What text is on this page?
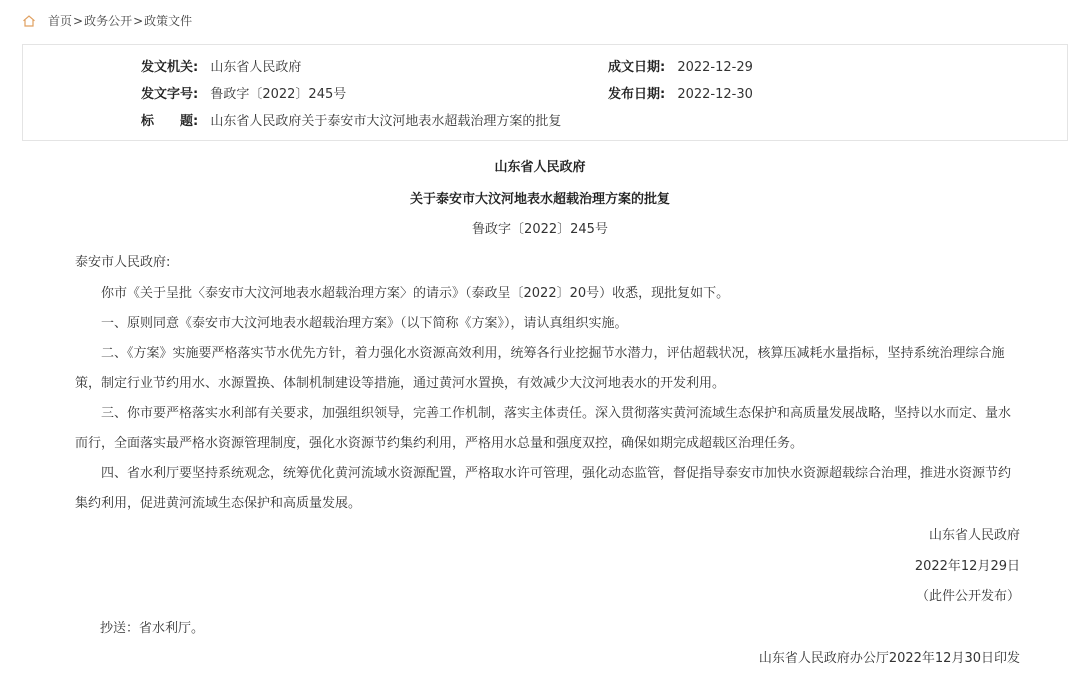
首页 > 政务公开 > 政策文件
发文机关: 山东省人民政府	成文日期: 2022-12-29
发文字号: 鲁政字〔2022〕245号	发布日期: 2022-12-30
标　　题: 山东省人民政府关于泰安市大汶河地表水超载治理方案的批复
山东省人民政府
关于泰安市大汶河地表水超载治理方案的批复
鲁政字〔2022〕245号
泰安市人民政府:
你市《关于呈批〈泰安市大汶河地表水超载治理方案〉的请示》（泰政呈〔2022〕20号）收悉，现批复如下。
一、原则同意《泰安市大汶河地表水超载治理方案》（以下简称《方案》），请认真组织实施。
二、《方案》实施要严格落实节水优先方针，着力强化水资源高效利用，统筹各行业挖掘节水潜力，评估超载状况，核算压减耗水量指标，坚持系统治理综合施策，制定行业节约用水、水源置换、体制机制建设等措施，通过黄河水置换，有效减少大汶河地表水的开发利用。
三、你市要严格落实水利部有关要求，加强组织领导，完善工作机制，落实主体责任。深入贯彻落实黄河流域生态保护和高质量发展战略，坚持以水而定、量水而行，全面落实最严格水资源管理制度，强化水资源节约集约利用，严格用水总量和强度双控，确保如期完成超载区治理任务。
四、省水利厅要坚持系统观念，统筹优化黄河流域水资源配置，严格取水许可管理，强化动态监管，督促指导泰安市加快水资源超载综合治理，推进水资源节约集约利用，促进黄河流域生态保护和高质量发展。
山东省人民政府
2022年12月29日
（此件公开发布）
抄送：省水利厅。
山东省人民政府办公厅2022年12月30日印发
